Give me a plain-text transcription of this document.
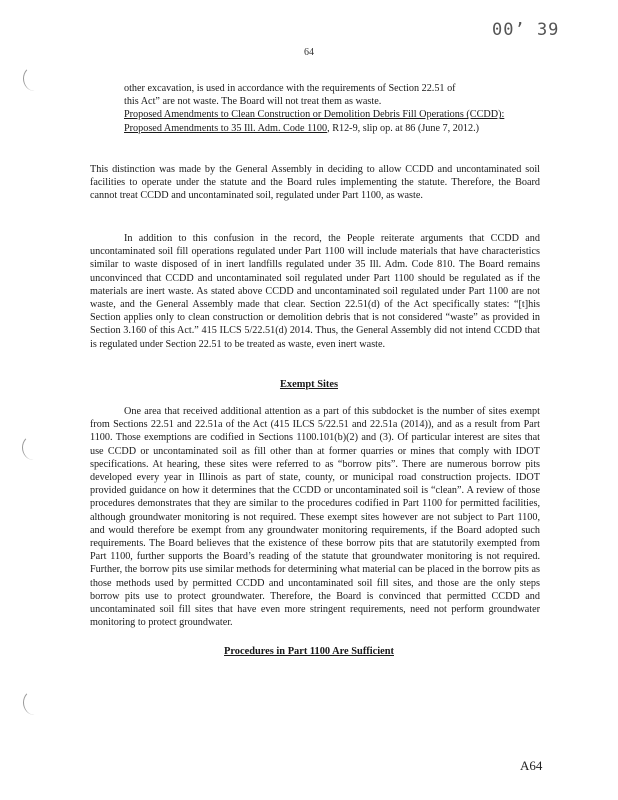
00’ 39
64

other excavation, is used in accordance with the requirements of Section 22.51 of
this Act” are not waste. The Board will not treat them as waste.
Proposed Amendments to Clean Construction or Demolition Debris Fill Operations (CCDD): Proposed Amendments to 35 Ill. Adm. Code 1100, R12-9, slip op. at 86 (June 7, 2012.)

This distinction was made by the General Assembly in deciding to allow CCDD and uncontaminated soil facilities to operate under the statute and the Board rules implementing the statute. Therefore, the Board cannot treat CCDD and uncontaminated soil, regulated under Part 1100, as waste.

In addition to this confusion in the record, the People reiterate arguments that CCDD and uncontaminated soil fill operations regulated under Part 1100 will include materials that have characteristics similar to waste disposed of in inert landfills regulated under 35 Ill. Adm. Code 810. The Board remains unconvinced that CCDD and uncontaminated soil regulated under Part 1100 should be regulated as if the materials are inert waste. As stated above CCDD and uncontaminated soil regulated under Part 1100 are not waste, and the General Assembly made that clear. Section 22.51(d) of the Act specifically states: “[t]his Section applies only to clean construction or demolition debris that is not considered “waste” as provided in Section 3.160 of this Act.” 415 ILCS 5/22.51(d) 2014. Thus, the General Assembly did not intend CCDD that is regulated under Section 22.51 to be treated as waste, even inert waste.

Exempt Sites

One area that received additional attention as a part of this subdocket is the number of sites exempt from Sections 22.51 and 22.51a of the Act (415 ILCS 5/22.51 and 22.51a (2014)), and as a result from Part 1100. Those exemptions are codified in Sections 1100.101(b)(2) and (3). Of particular interest are sites that use CCDD or uncontaminated soil as fill other than at former quarries or mines that comply with IDOT specifications. At hearing, these sites were referred to as “borrow pits”. There are numerous borrow pits developed every year in Illinois as part of state, county, or municipal road construction projects. IDOT provided guidance on how it determines that the CCDD or uncontaminated soil is “clean”. A review of those procedures demonstrates that they are similar to the procedures codified in Part 1100 for permitted facilities, although groundwater monitoring is not required. These exempt sites however are not subject to Part 1100, and would therefore be exempt from any groundwater monitoring requirements, if the Board adopted such requirements. The Board believes that the existence of these borrow pits that are statutorily exempted from Part 1100, further supports the Board’s reading of the statute that groundwater monitoring is not required. Further, the borrow pits use similar methods for determining what material can be placed in the borrow pits as those methods used by permitted CCDD and uncontaminated soil fill sites, and those are the only steps borrow pits use to protect groundwater. Therefore, the Board is convinced that permitted CCDD and uncontaminated soil fill sites that have even more stringent requirements, need not perform groundwater monitoring to protect groundwater.

Procedures in Part 1100 Are Sufficient
A64
